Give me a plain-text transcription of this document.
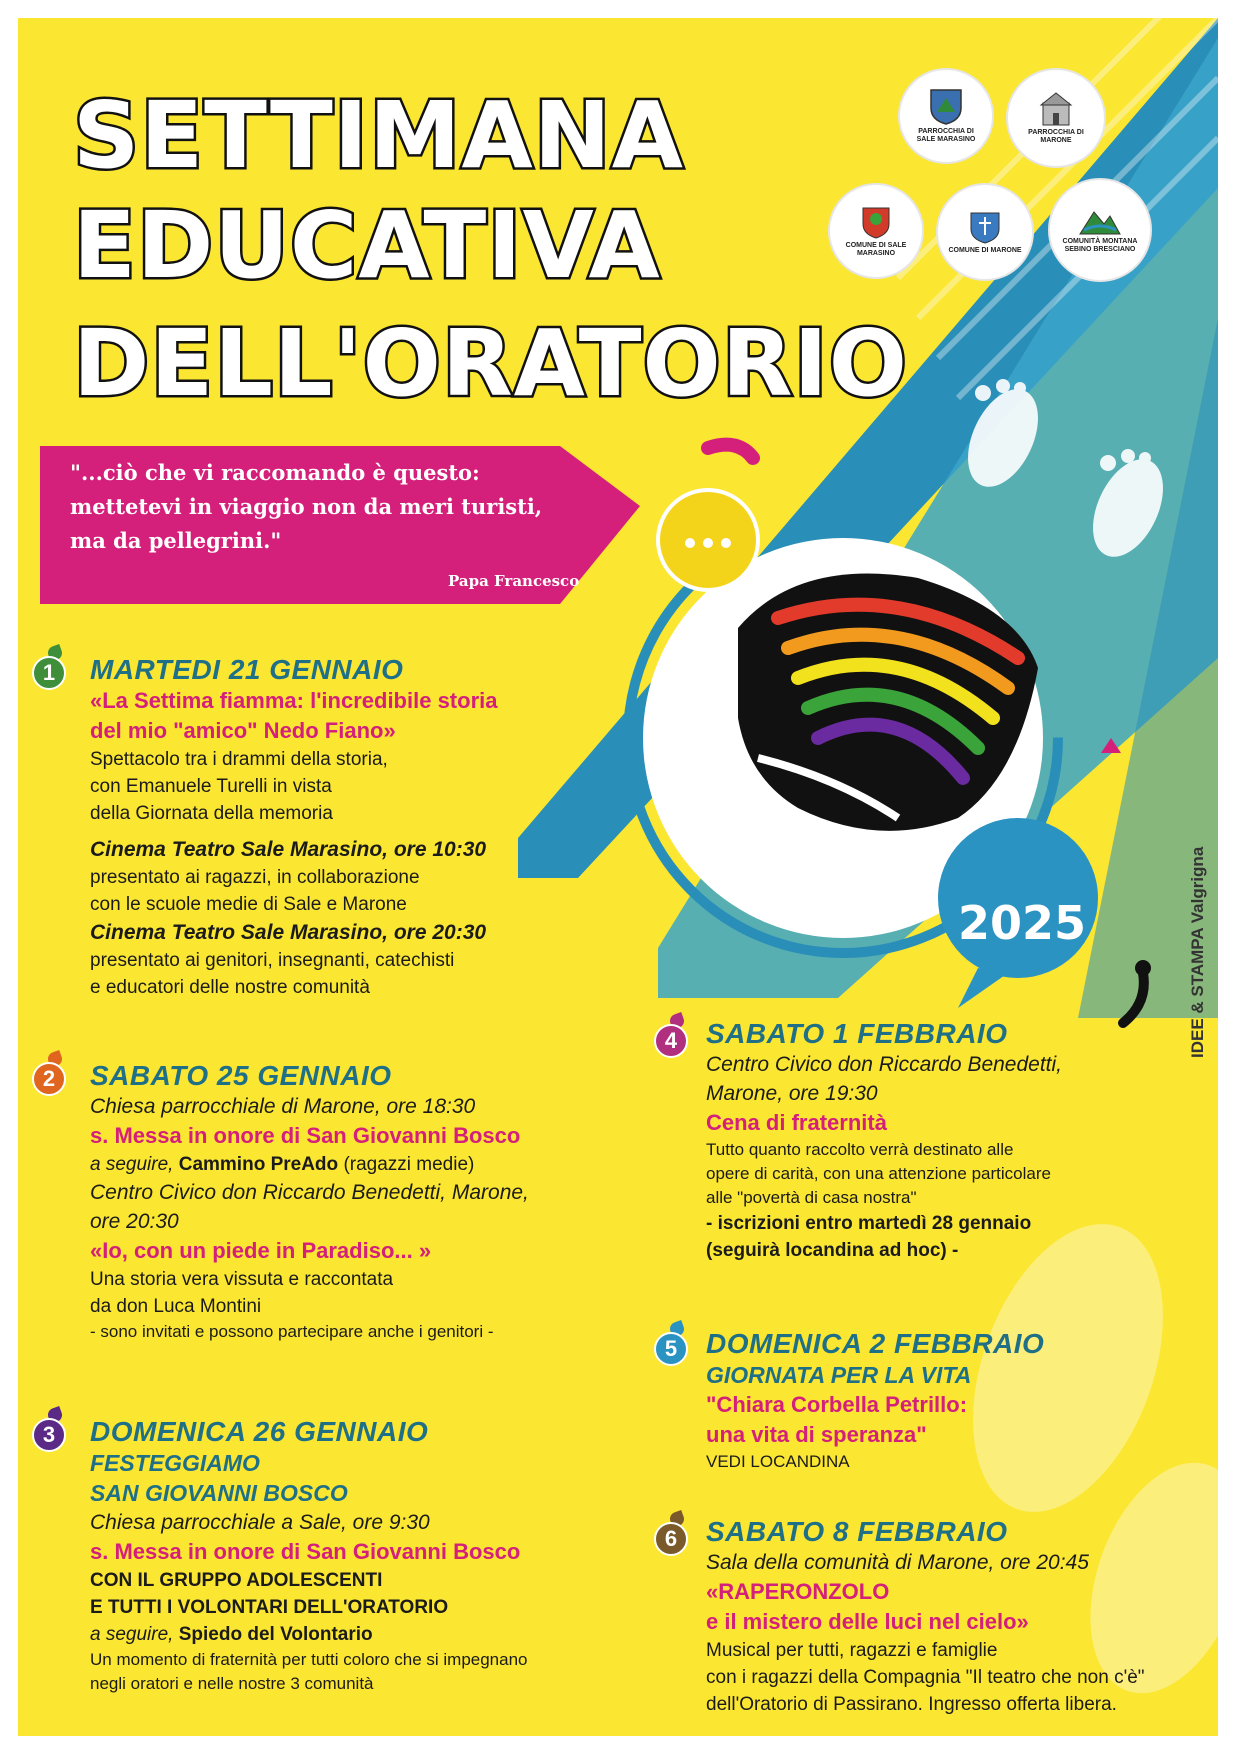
SETTIMANA
EDUCATIVA
DELL'ORATORIO
PARROCCHIA DI SALE MARASINO
PARROCCHIA DI MARONE
COMUNE DI SALE MARASINO	COMUNE DI MARONE
COMUNITÀ MONTANA SEBINO BRESCIANO
"...ciò che vi raccomando è questo:
mettetevi in viaggio non da meri turisti,
ma da pellegrini."
Papa Francesco
2025	IDEE & STAMPA Valgrigna
1	MARTEDI 21 GENNAIO
«La Settima fiamma: l'incredibile storia
del mio "amico" Nedo Fiano»
Spettacolo tra i drammi della storia,
con Emanuele Turelli in vista
della Giornata della memoria
Cinema Teatro Sale Marasino, ore 10:30
presentato ai ragazzi, in collaborazione
con le scuole medie di Sale e Marone
Cinema Teatro Sale Marasino, ore 20:30
presentato ai genitori, insegnanti, catechisti
e educatori delle nostre comunità
2	SABATO 25 GENNAIO
Chiesa parrocchiale di Marone, ore 18:30
s. Messa in onore di San Giovanni Bosco
a seguire, Cammino PreAdo (ragazzi medie)
Centro Civico don Riccardo Benedetti, Marone,
ore 20:30
«Io, con un piede in Paradiso... »
Una storia vera vissuta e raccontata
da don Luca Montini
- sono invitati e possono partecipare anche i genitori -
3	DOMENICA 26 GENNAIO
FESTEGGIAMO
SAN GIOVANNI BOSCO
Chiesa parrocchiale a Sale, ore 9:30
s. Messa in onore di San Giovanni Bosco
CON IL GRUPPO ADOLESCENTI
E TUTTI I VOLONTARI DELL'ORATORIO
a seguire, Spiedo del Volontario
Un momento di fraternità per tutti coloro che si impegnano
negli oratori e nelle nostre 3 comunità
4	SABATO 1 FEBBRAIO
Centro Civico don Riccardo Benedetti,
Marone, ore 19:30
Cena di fraternità
Tutto quanto raccolto verrà destinato alle
opere di carità, con una attenzione particolare
alle "povertà di casa nostra"
- iscrizioni entro martedì 28 gennaio
(seguirà locandina ad hoc) -
5	DOMENICA 2 FEBBRAIO
GIORNATA PER LA VITA
"Chiara Corbella Petrillo:
una vita di speranza"
VEDI LOCANDINA
6	SABATO 8 FEBBRAIO
Sala della comunità di Marone, ore 20:45
«RAPERONZOLO
e il mistero delle luci nel cielo»
Musical per tutti, ragazzi e famiglie
con i ragazzi della Compagnia "Il teatro che non c'è"
dell'Oratorio di Passirano. Ingresso offerta libera.
